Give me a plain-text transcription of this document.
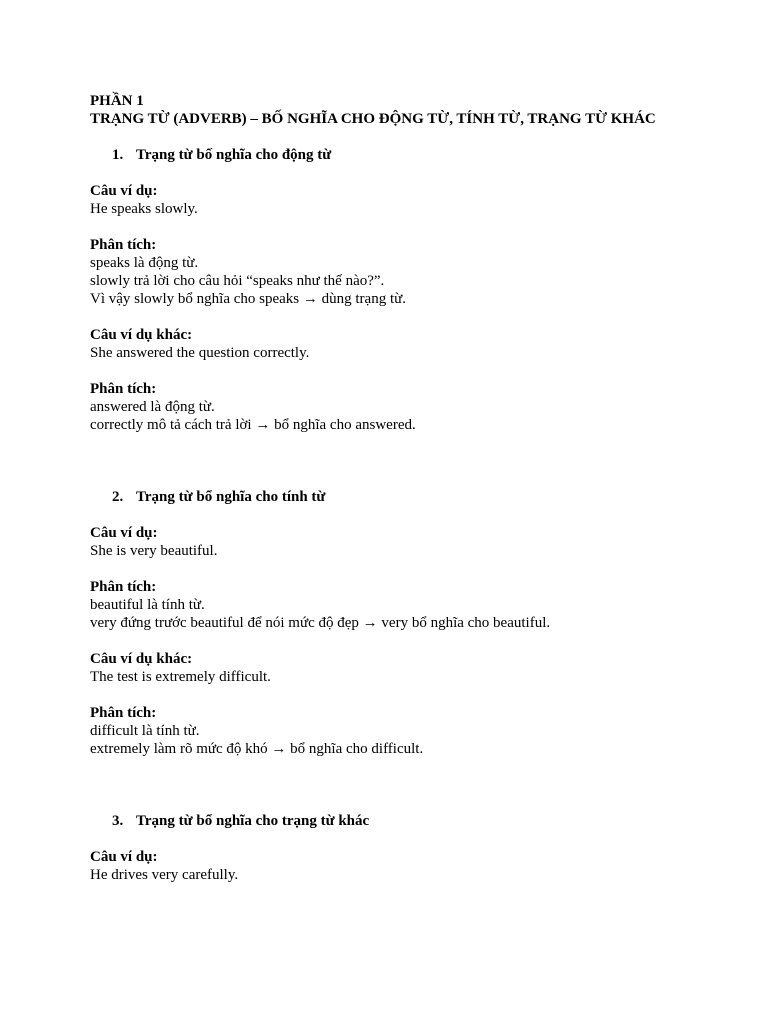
PHẦN 1
TRẠNG TỪ (ADVERB) – BỐ NGHĨA CHO ĐỘNG TỪ, TÍNH TỪ, TRẠNG TỪ KHÁC
1. Trạng từ bố nghĩa cho động từ
Câu ví dụ:
He speaks slowly.
Phân tích:
speaks là động từ.
slowly trả lời cho câu hỏi “speaks như thế nào?”.
Vì vậy slowly bổ nghĩa cho speaks → dùng trạng từ.
Câu ví dụ khác:
She answered the question correctly.
Phân tích:
answered là động từ.
correctly mô tả cách trả lời → bổ nghĩa cho answered.
2. Trạng từ bổ nghĩa cho tính từ
Câu ví dụ:
She is very beautiful.
Phân tích:
beautiful là tính từ.
very đứng trước beautiful để nói mức độ đẹp → very bổ nghĩa cho beautiful.
Câu ví dụ khác:
The test is extremely difficult.
Phân tích:
difficult là tính từ.
extremely làm rõ mức độ khó → bổ nghĩa cho difficult.
3. Trạng từ bổ nghĩa cho trạng từ khác
Câu ví dụ:
He drives very carefully.
